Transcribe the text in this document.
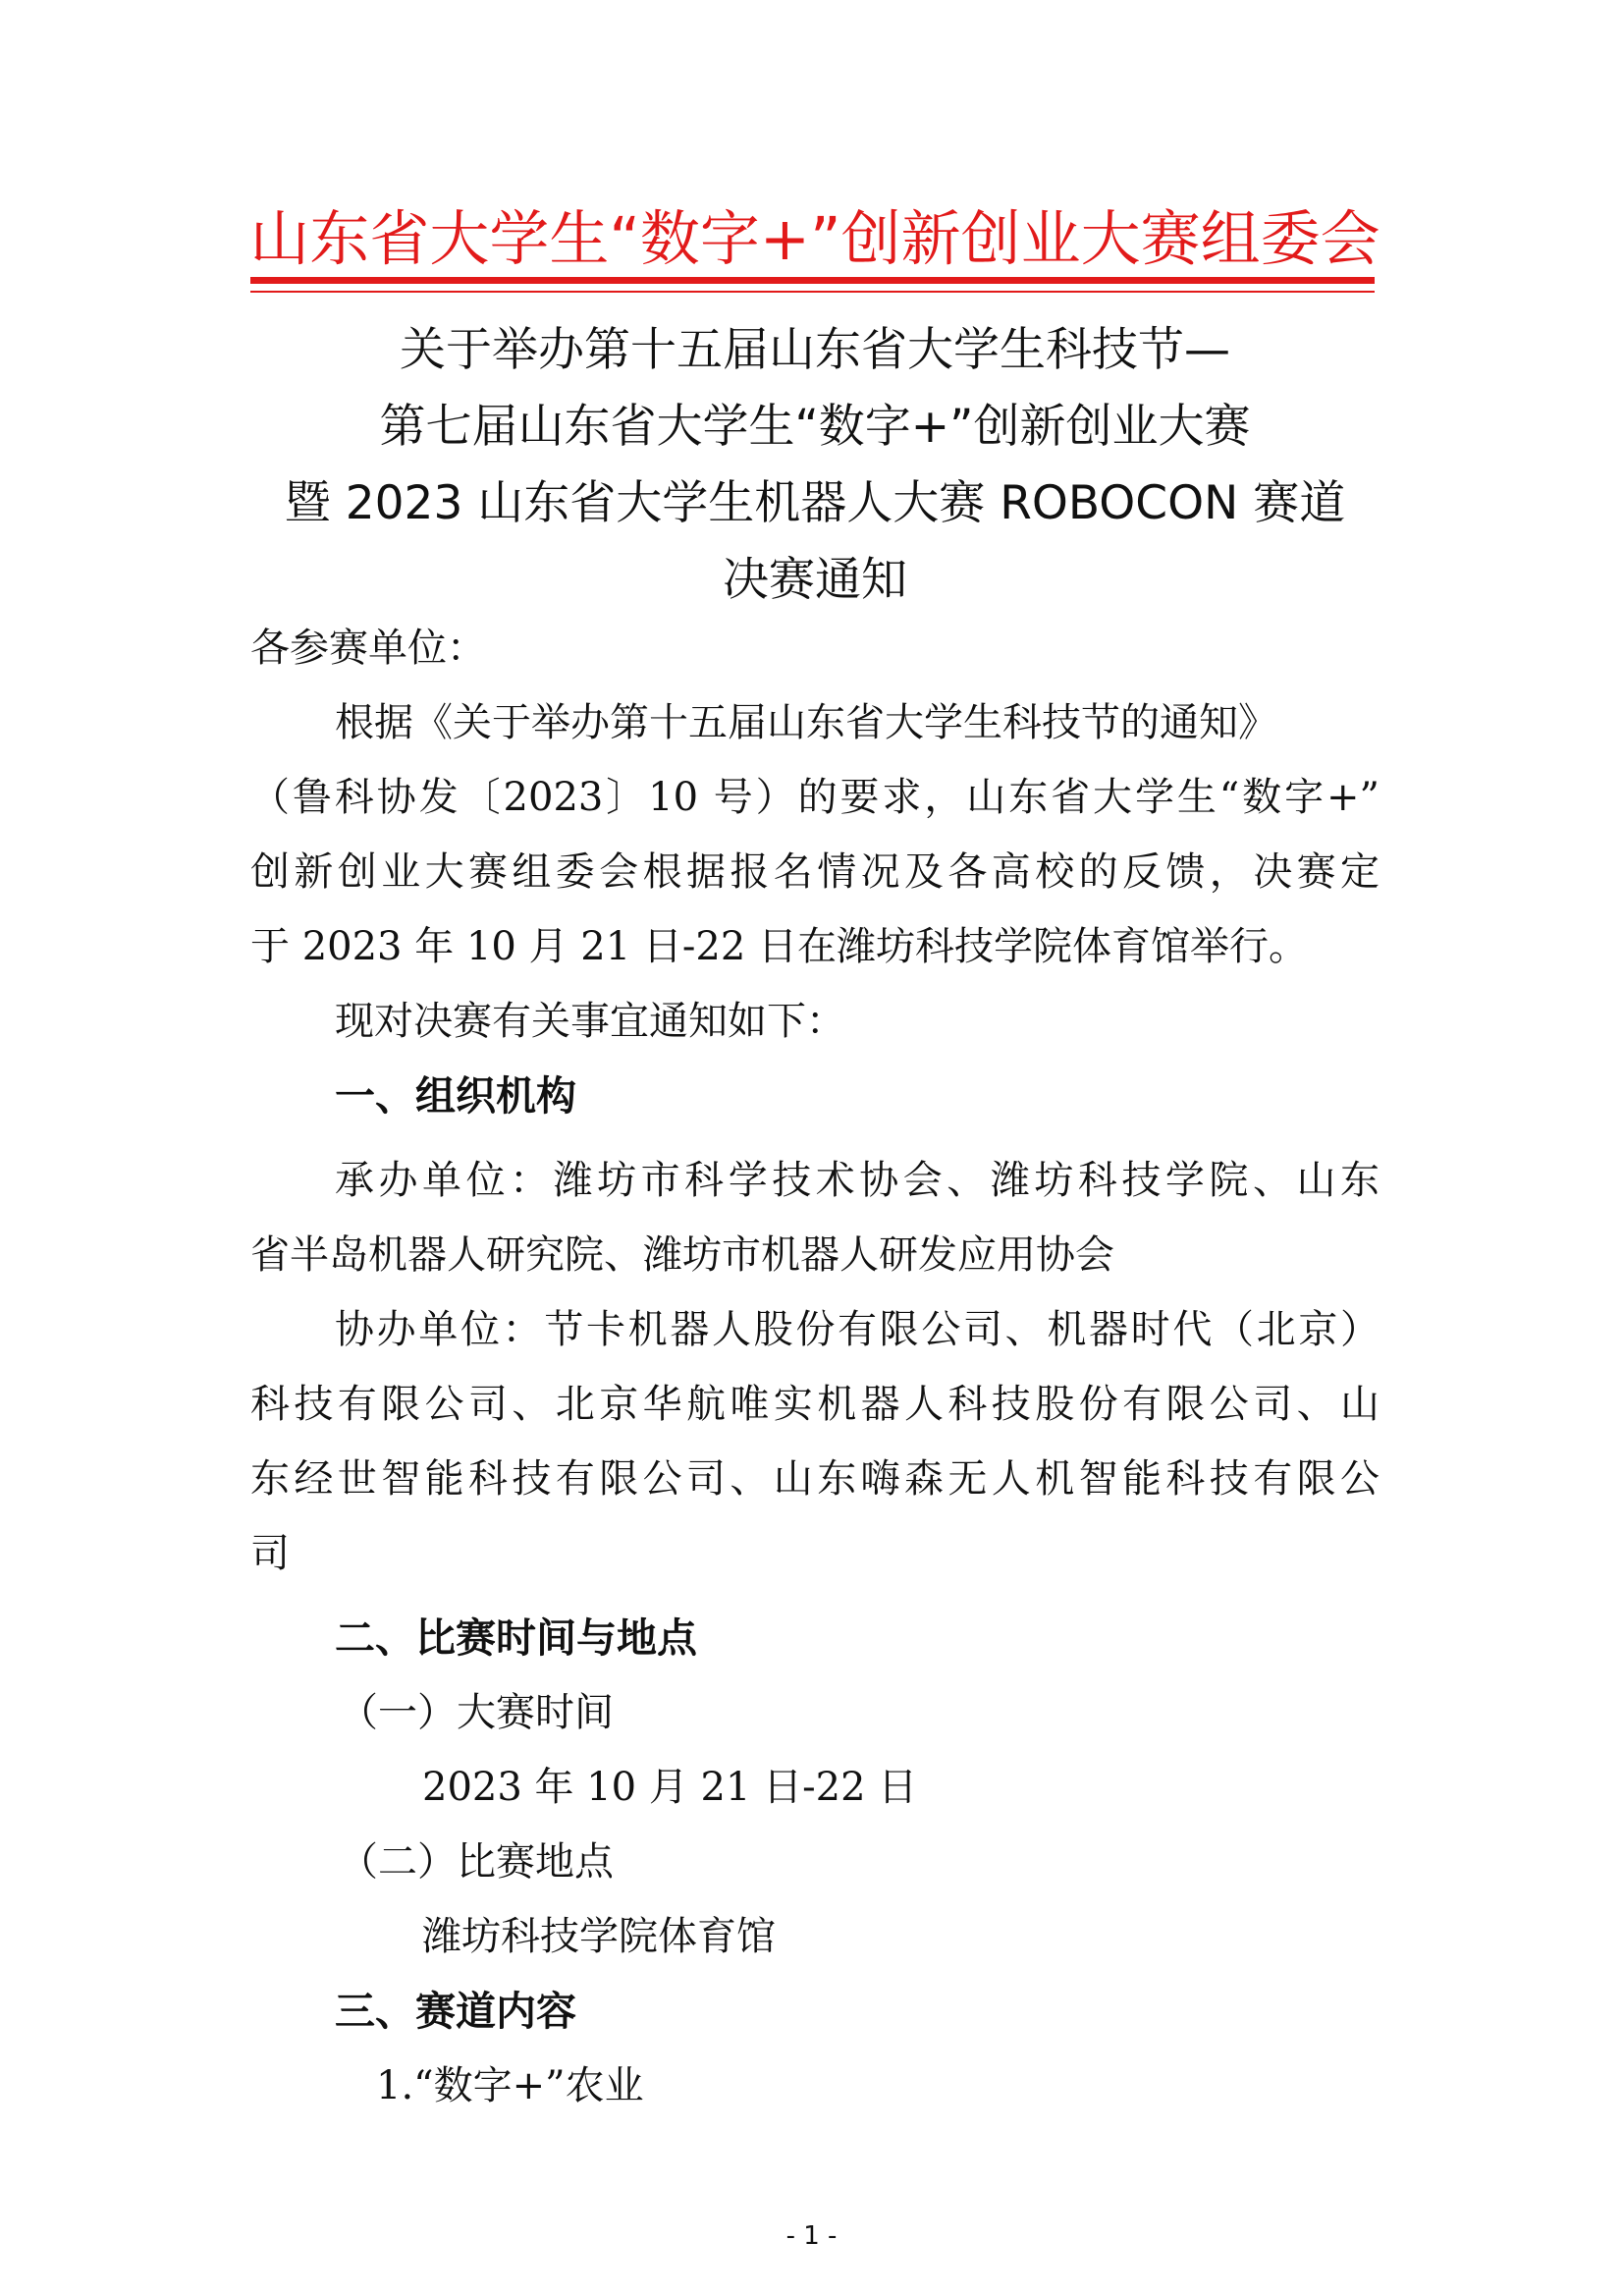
山东省大学生“数字+”创新创业大赛组委会
关于举办第十五届山东省大学生科技节—
第七届山东省大学生“数字+”创新创业大赛
暨 2023 山东省大学生机器人大赛 ROBOCON 赛道
决赛通知
各参赛单位：
根据《关于举办第十五届山东省大学生科技节的通知》
（鲁科协发〔2023〕10 号）的要求，山东省大学生“数字+”
创新创业大赛组委会根据报名情况及各高校的反馈，决赛定
于 2023 年 10 月 21 日-22 日在潍坊科技学院体育馆举行。
现对决赛有关事宜通知如下：
一、组织机构
承办单位：潍坊市科学技术协会、潍坊科技学院、山东
省半岛机器人研究院、潍坊市机器人研发应用协会
协办单位：节卡机器人股份有限公司、机器时代（北京）
科技有限公司、北京华航唯实机器人科技股份有限公司、山
东经世智能科技有限公司、山东嗨森无人机智能科技有限公
司
二、比赛时间与地点
（一）大赛时间
2023 年 10 月 21 日-22 日
（二）比赛地点
潍坊科技学院体育馆
三、赛道内容
1.“数字+”农业
- 1 -
